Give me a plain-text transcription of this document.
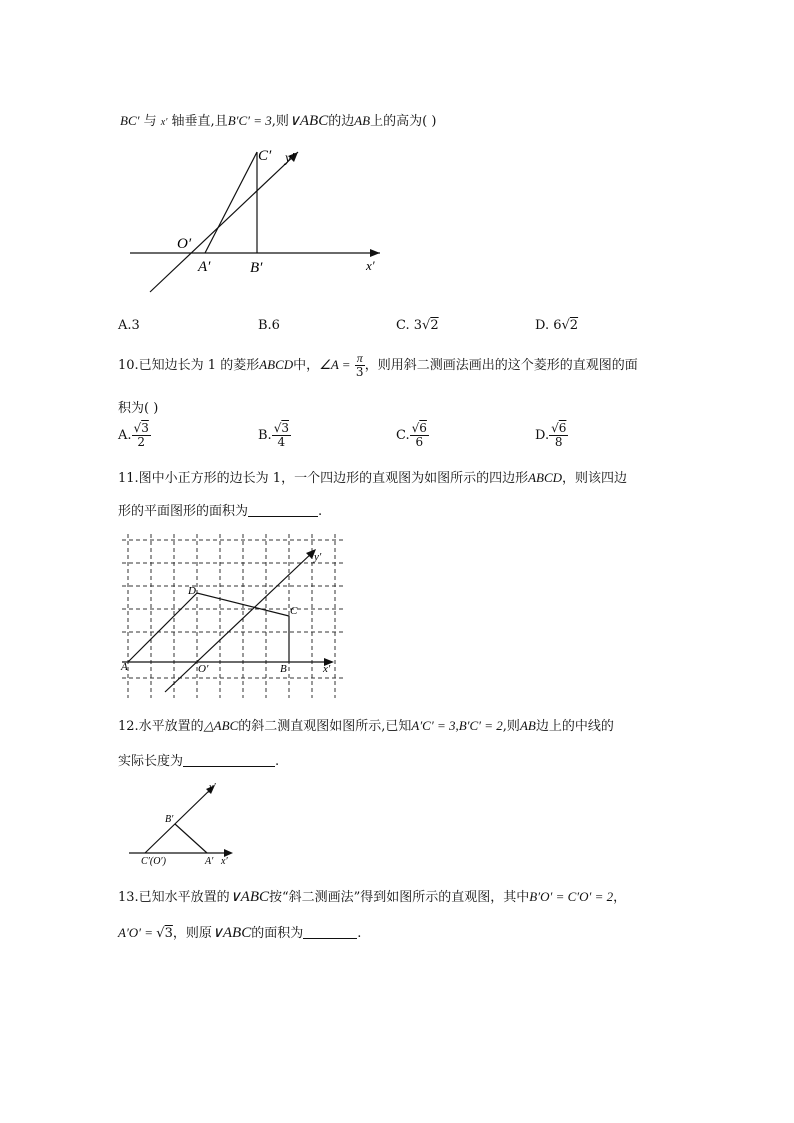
BC′ 与 x′ 轴垂直,且B′C′ = 3,则∨ABC的边AB上的高为( )
C′ y′
O′
A′	B′	x′
A.3	B.6	C. 3√2	D. 6√2
10.已知边长为 1 的菱形ABCD中，∠A = $\frac{\pi}{3}$ ，则用斜二测画法画出的这个菱形的直观图的面
积为( )
A. $\frac{√3}{2}$	B. $\frac{√3}{4}$	C. $\frac{√6}{6}$	D. $\frac{√6}{8}$
11.图中小正方形的边长为 1，一个四边形的直观图为如图所示的四边形ABCD，则该四边
形的平面图形的面积为	.
A	B
C
D
O′	x′
y′
12.水平放置的△ABC的斜二测直观图如图所示,已知A′C′ = 3,B′C′ = 2,则AB边上的中线的
实际长度为	.
B′
C′(O′)	A′ x′
y′
13.已知水平放置的∨ABC按“斜二测画法”得到如图所示的直观图，其中B′O′ = C′O′ = 2，
A′O′ = √3，则原∨ABC的面积为	.
